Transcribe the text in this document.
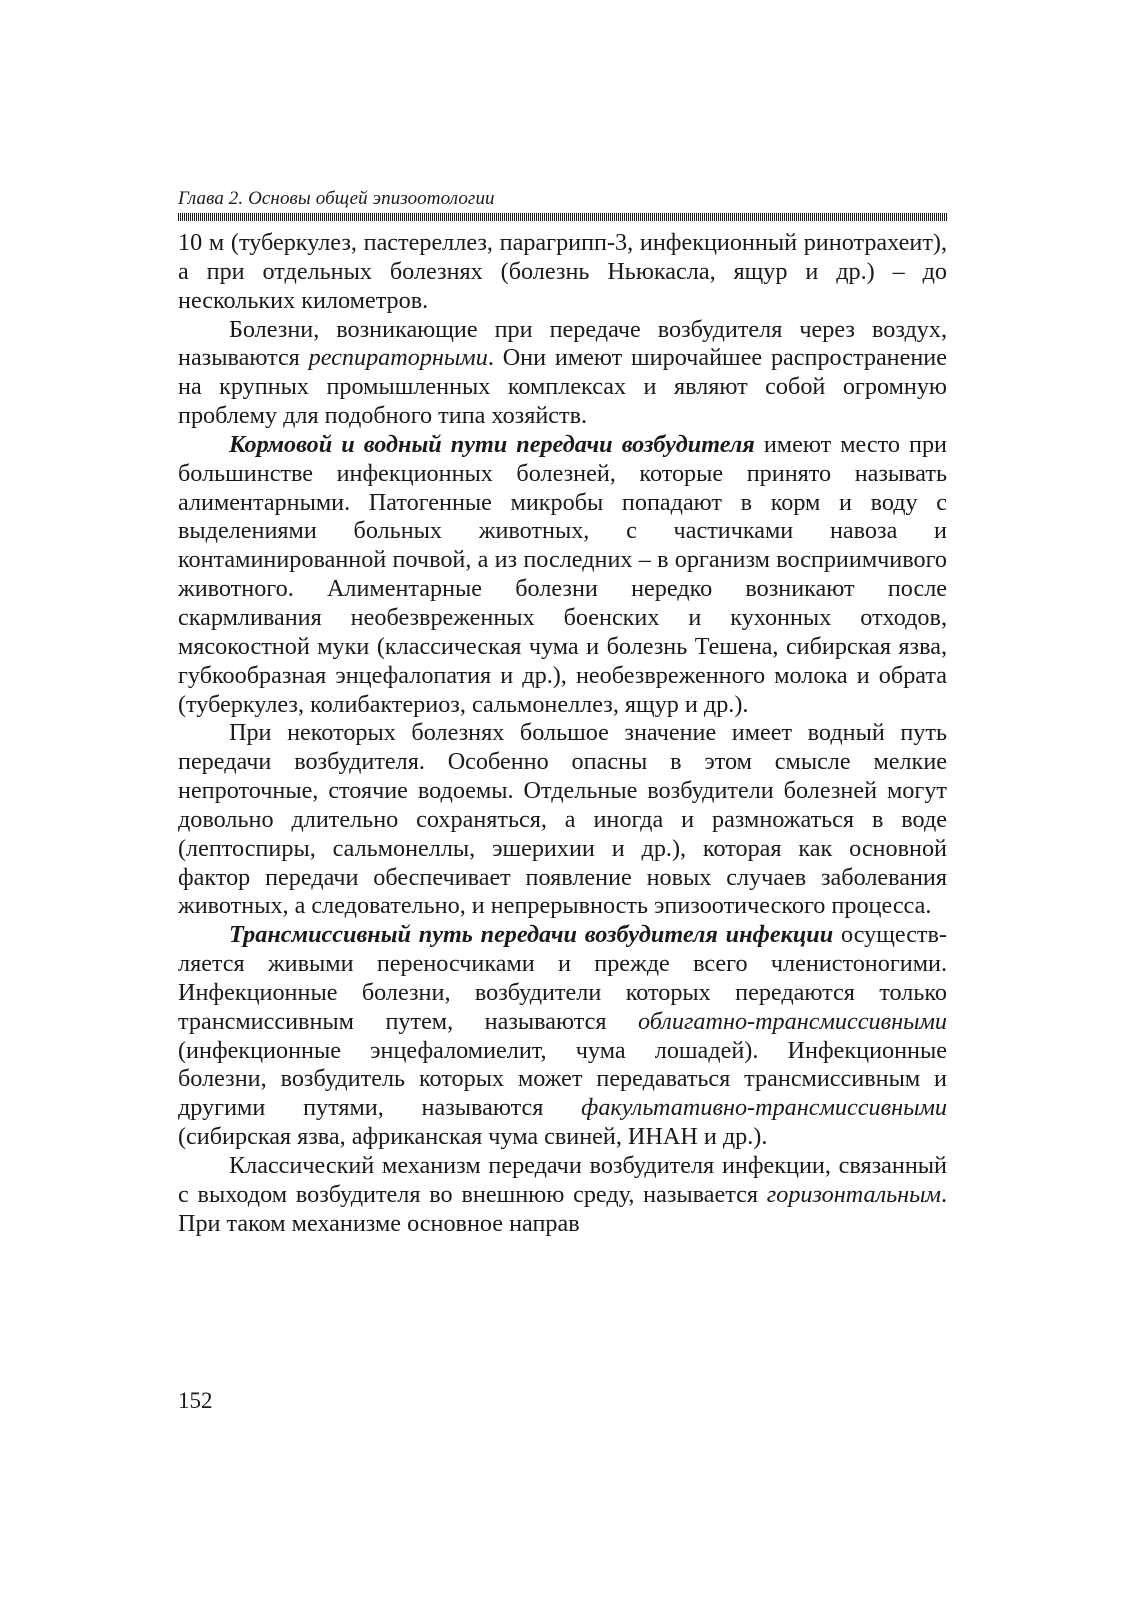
Глава 2. Основы общей эпизоотологии

10 м (туберкулез, пастереллез, парагрипп-3, инфекционный ринотрахеит), а при отдельных болезнях (болезнь Ньюкасла, ящур и др.) – до нескольких километров.

Болезни, возникающие при передаче возбудителя через воздух, называются респираторными. Они имеют широчайшее распространение на крупных промышленных комплексах и являют собой огромную проблему для подобного типа хозяйств.

Кормовой и водный пути передачи возбудителя имеют место при большинстве инфекционных болезней, которые принято называть алиментарными. Патогенные микробы попадают в корм и воду с выделениями больных животных, с частичками навоза и контаминированной почвой, а из последних – в организм восприимчивого животного. Алиментарные болезни нередко возникают после скармливания необезвреженных боенских и кухонных отходов, мясокостной муки (классическая чума и болезнь Тешена, сибирская язва, губкообразная энцефалопатия и др.), необезвреженного молока и обрата (туберкулез, колибактериоз, сальмонеллез, ящур и др.).

При некоторых болезнях большое значение имеет водный путь передачи возбудителя. Особенно опасны в этом смысле мелкие непроточные, стоячие водоемы. Отдельные возбудители болезней могут довольно длительно сохраняться, а иногда и размножаться в воде (лептоспиры, сальмонеллы, эшерихии и др.), которая как основной фактор передачи обеспечивает появление новых случаев заболевания животных, а следовательно, и непрерывность эпизоотического процесса.

Трансмиссивный путь передачи возбудителя инфекции осуществляется живыми переносчиками и прежде всего членистоногими. Инфекционные болезни, возбудители которых передаются только трансмиссивным путем, называются облигатно-трансмиссивными (инфекционные энцефаломиелит, чума лошадей). Инфекционные болезни, возбудитель которых может передаваться трансмиссивным и другими путями, называются факультативно-трансмиссивными (сибирская язва, африканская чума свиней, ИНАН и др.).

Классический механизм передачи возбудителя инфекции, связанный с выходом возбудителя во внешнюю среду, называется горизонтальным. При таком механизме основное направ

152
